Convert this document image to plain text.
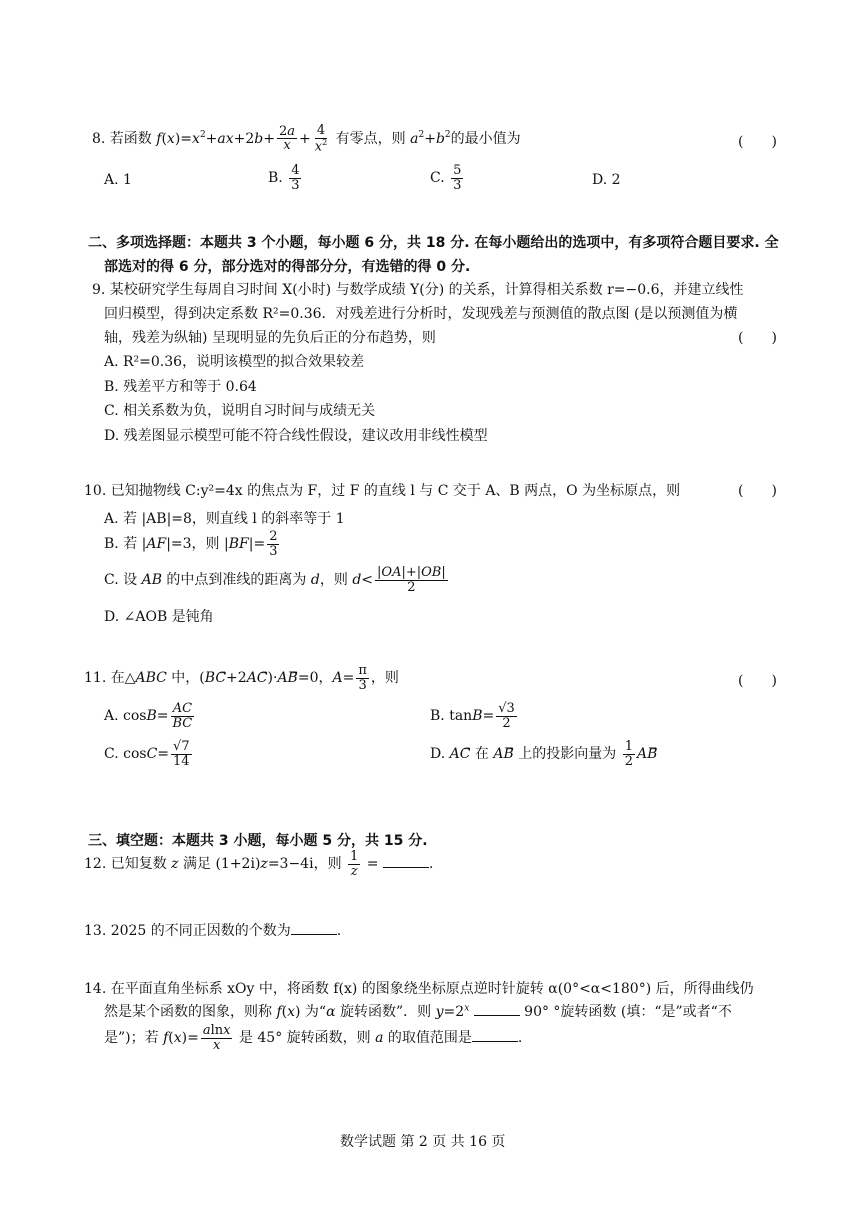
8. 若函数 $f(x)=x^2+ax+2b+ \frac{2a}{x} + \frac{4}{x^2}$ 有零点，则 $a^2+b^2$的最小值为	(　　)
A. 1	B. $\frac{4}{3}$	C. $\frac{5}{3}$	D. 2
二、多项选择题：本题共 3 个小题，每小题 6 分，共 18 分. 在每小题给出的选项中，有多项符合题目要求. 全
部选对的得 6 分，部分选对的得部分分，有选错的得 0 分.
9. 某校研究学生每周自习时间 X(小时) 与数学成绩 Y(分) 的关系，计算得相关系数 r=−0.6，并建立线性
回归模型，得到决定系数 R²=0.36．对残差进行分析时，发现残差与预测值的散点图 (是以预测值为横
轴，残差为纵轴) 呈现明显的先负后正的分布趋势，则	(　　)
A. R²=0.36，说明该模型的拟合效果较差
B. 残差平方和等于 0.64
C. 相关系数为负，说明自习时间与成绩无关
D. 残差图显示模型可能不符合线性假设，建议改用非线性模型
10. 已知抛物线 C:y²=4x 的焦点为 F，过 F 的直线 l 与 C 交于 A、B 两点，O 为坐标原点，则	(　　)
A. 若 |AB|=8，则直线 l 的斜率等于 1
B. 若 |AF|=3，则 $|BF|= \frac{2}{3}$
C. 设 AB 的中点到准线的距离为 d，则 $d< \frac{|OA|+|OB|}{2}$
D. ∠AOB 是钝角
11. 在△ABC 中，(BC⃗+2AC⃗)·AB⃗=0，$A= \frac{\pi}{3}$ ，则	(　　)
A. $\cos B= \frac{AC}{BC}$	B. $\tan B= \frac{√3}{2}$
C. $\cos C= \frac{√7}{14}$	D. AC⃗ 在 AB⃗ 上的投影向量为 $\frac{1}{2}$ AB
三、填空题：本题共 3 小题，每小题 5 分，共 15 分.
12. 已知复数 z 满足 (1+2i)z=3−4i，则 $\frac{1}{z}$ =	.
13. 2025 的不同正因数的个数为	.
14. 在平面直角坐标系 xOy 中，将函数 f(x) 的图象绕坐标原点逆时针旋转 α(0°<α<180°) 后，所得曲线仍
然是某个函数的图象，则称 f(x) 为“α 旋转函数”．则 $y=2^x$	90° °旋转函数 (填：“是”或者“不
是”)；若 $f(x)= \frac{alnx}{x}$ 是 45° 旋转函数，则 a 的取值范围是	.
数学试题 第 2 页 共 16 页
